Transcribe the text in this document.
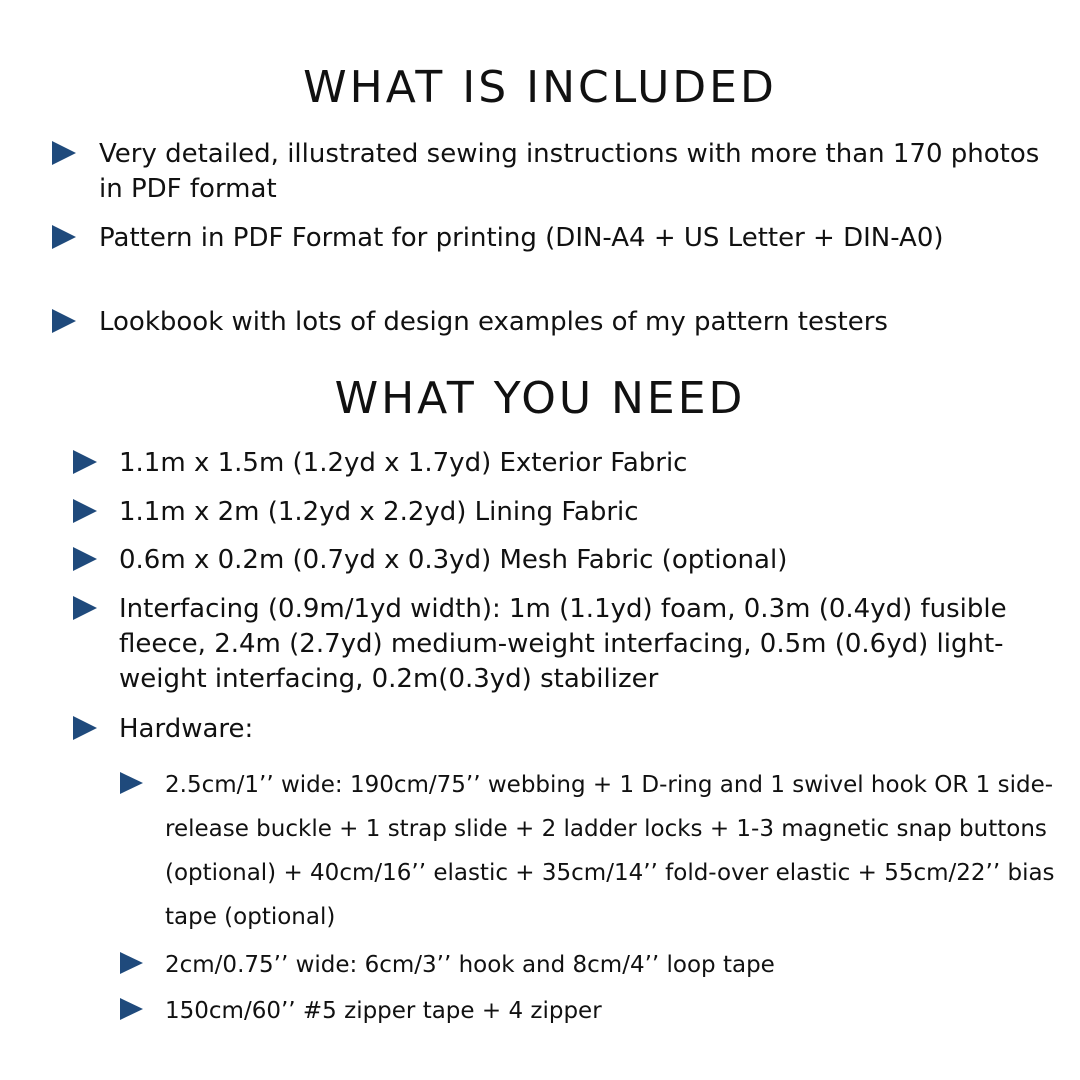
WHAT IS INCLUDED
Very detailed, illustrated sewing instructions with more than 170 photos in PDF format
Pattern in PDF Format for printing (DIN-A4 + US Letter + DIN-A0)
Lookbook with lots of design examples of my pattern testers
WHAT YOU NEED
1.1m x 1.5m (1.2yd x 1.7yd) Exterior Fabric
1.1m x 2m (1.2yd x 2.2yd) Lining Fabric
0.6m x 0.2m (0.7yd x 0.3yd) Mesh Fabric (optional)
Interfacing (0.9m/1yd width): 1m (1.1yd) foam, 0.3m (0.4yd) fusible fleece, 2.4m (2.7yd) medium-weight interfacing, 0.5m (0.6yd) light-weight interfacing, 0.2m(0.3yd) stabilizer
Hardware:
2.5cm/1’’ wide: 190cm/75’’ webbing + 1 D-ring and 1 swivel hook OR 1 side-release buckle + 1 strap slide + 2 ladder locks + 1-3 magnetic snap buttons (optional) + 40cm/16’’ elastic + 35cm/14’’ fold-over elastic + 55cm/22’’ bias tape (optional)
2cm/0.75’’ wide: 6cm/3’’ hook and 8cm/4’’ loop tape
150cm/60’’ #5 zipper tape + 4 zipper
